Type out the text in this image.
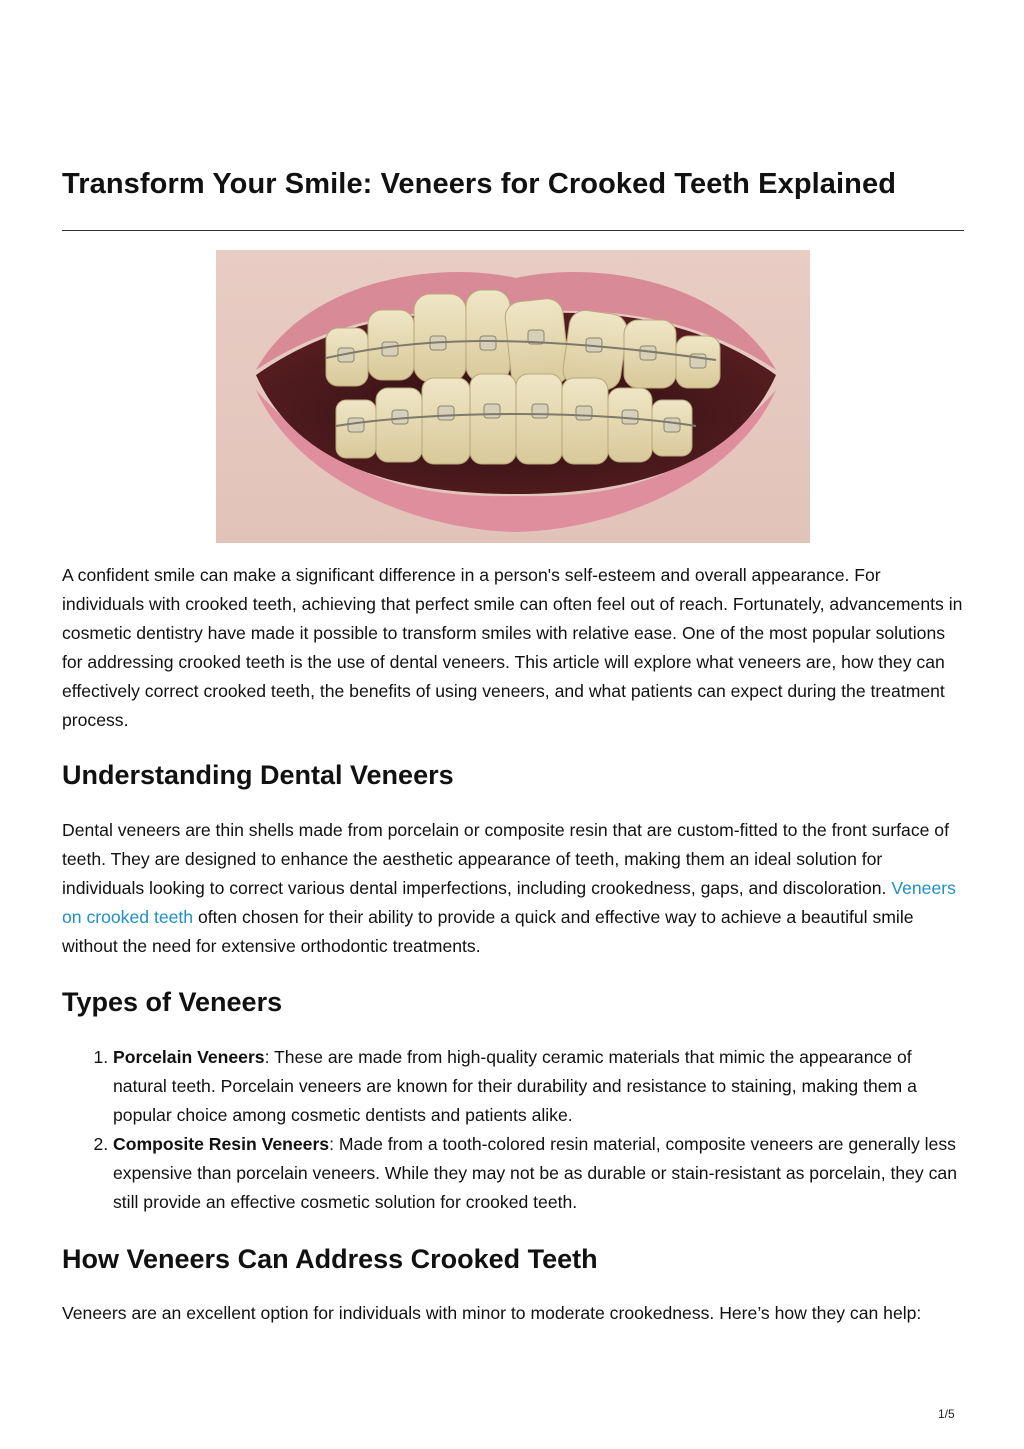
Transform Your Smile: Veneers for Crooked Teeth Explained

A confident smile can make a significant difference in a person's self-esteem and overall appearance. For individuals with crooked teeth, achieving that perfect smile can often feel out of reach. Fortunately, advancements in cosmetic dentistry have made it possible to transform smiles with relative ease. One of the most popular solutions for addressing crooked teeth is the use of dental veneers. This article will explore what veneers are, how they can effectively correct crooked teeth, the benefits of using veneers, and what patients can expect during the treatment process.

Understanding Dental Veneers

Dental veneers are thin shells made from porcelain or composite resin that are custom-fitted to the front surface of teeth. They are designed to enhance the aesthetic appearance of teeth, making them an ideal solution for individuals looking to correct various dental imperfections, including crookedness, gaps, and discoloration. Veneers on crooked teeth often chosen for their ability to provide a quick and effective way to achieve a beautiful smile without the need for extensive orthodontic treatments.

Types of Veneers
1. Porcelain Veneers: These are made from high-quality ceramic materials that mimic the appearance of natural teeth. Porcelain veneers are known for their durability and resistance to staining, making them a popular choice among cosmetic dentists and patients alike.
2. Composite Resin Veneers: Made from a tooth-colored resin material, composite veneers are generally less expensive than porcelain veneers. While they may not be as durable or stain-resistant as porcelain, they can still provide an effective cosmetic solution for crooked teeth.
How Veneers Can Address Crooked Teeth

Veneers are an excellent option for individuals with minor to moderate crookedness. Here’s how they can help:

1/5
